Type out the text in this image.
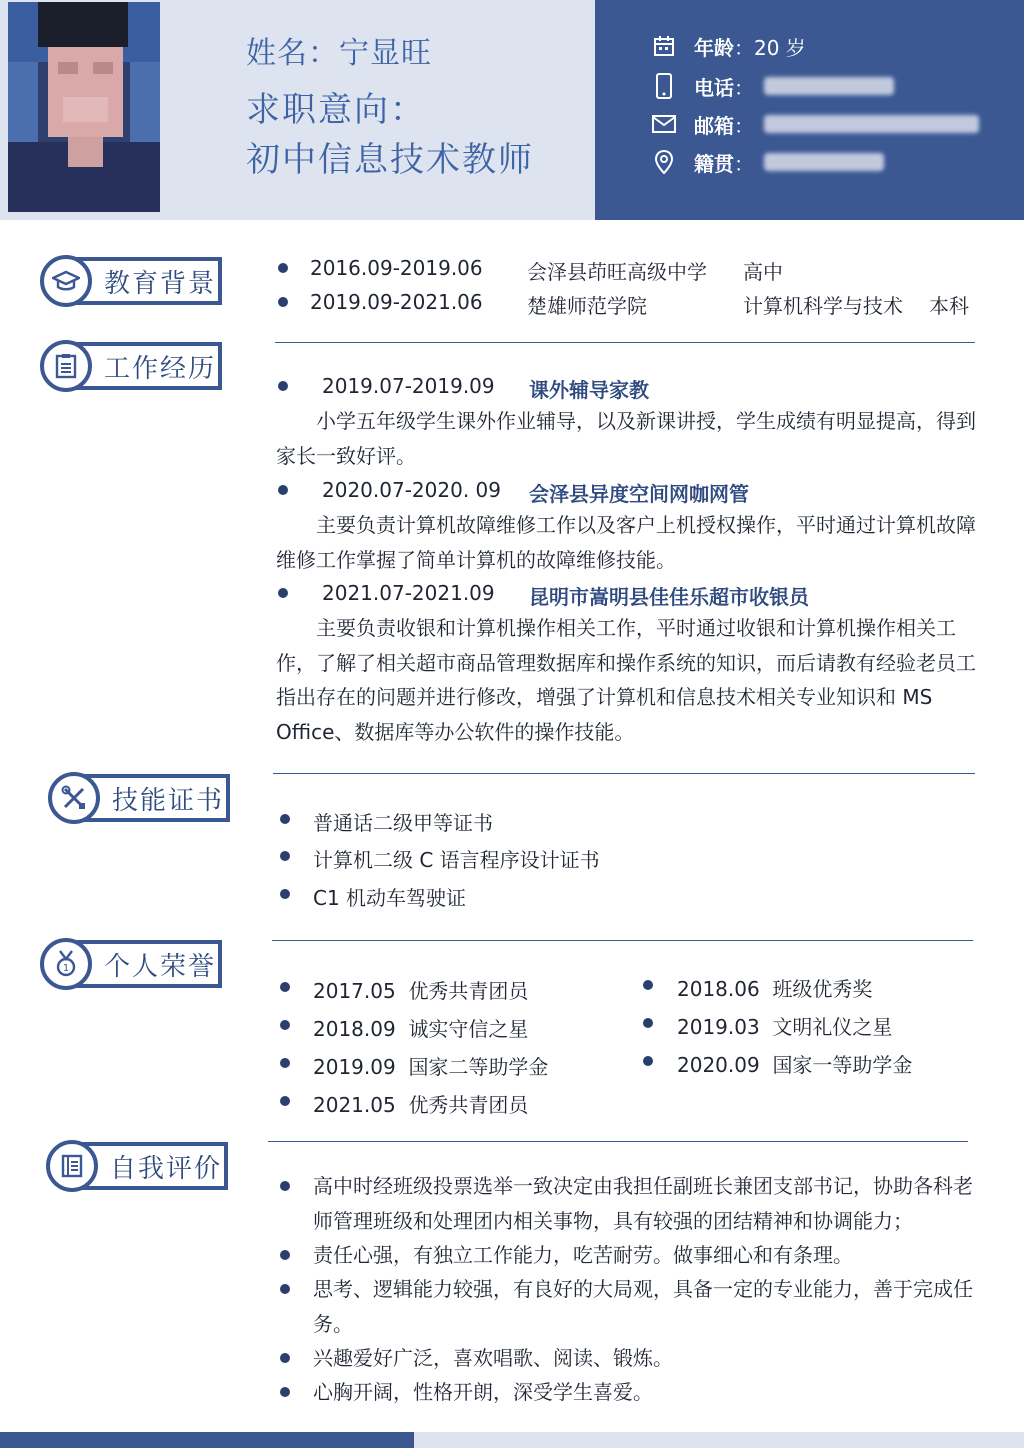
姓名：宁显旺
求职意向：
初中信息技术教师
年龄 ：20 岁
电话 ：
邮箱 ：
籍贯 ：
教育背景
2016.09-2019.06 会泽县茚旺高级中学 高中
2019.09-2021.06 楚雄师范学院	计算机科学与技术 本科
工作经历
2019.07-2019.09 课外辅导家教
小学五年级学生课外作业辅导，以及新课讲授，学生成绩有明显提高，得到家长一致好评。
2020.07-2020. 09 会泽县异度空间网咖网管
主要负责计算机故障维修工作以及客户上机授权操作，平时通过计算机故障维修工作掌握了简单计算机的故障维修技能。
2021.07-2021.09 昆明市嵩明县佳佳乐超市收银员
主要负责收银和计算机操作相关工作，平时通过收银和计算机操作相关工作，了解了相关超市商品管理数据库和操作系统的知识，而后请教有经验老员工指出存在的问题并进行修改，增强了计算机和信息技术相关专业知识和 MS Office、数据库等办公软件的操作技能。
技能证书
普通话二级甲等证书
计算机二级 C 语言程序设计证书
C1 机动车驾驶证
1 个人荣誉
2017.05 优秀共青团员
2018.09 诚实守信之星
2019.09 国家二等助学金
2021.05 优秀共青团员
2018.06 班级优秀奖
2019.03 文明礼仪之星
2020.09 国家一等助学金
自我评价
高中时经班级投票选举一致决定由我担任副班长兼团支部书记，协助各科老师管理班级和处理团内相关事物，具有较强的团结精神和协调能力；
责任心强，有独立工作能力，吃苦耐劳。做事细心和有条理。
思考、逻辑能力较强，有良好的大局观，具备一定的专业能力，善于完成任务。
兴趣爱好广泛，喜欢唱歌、阅读、锻炼。
心胸开阔，性格开朗，深受学生喜爱。
